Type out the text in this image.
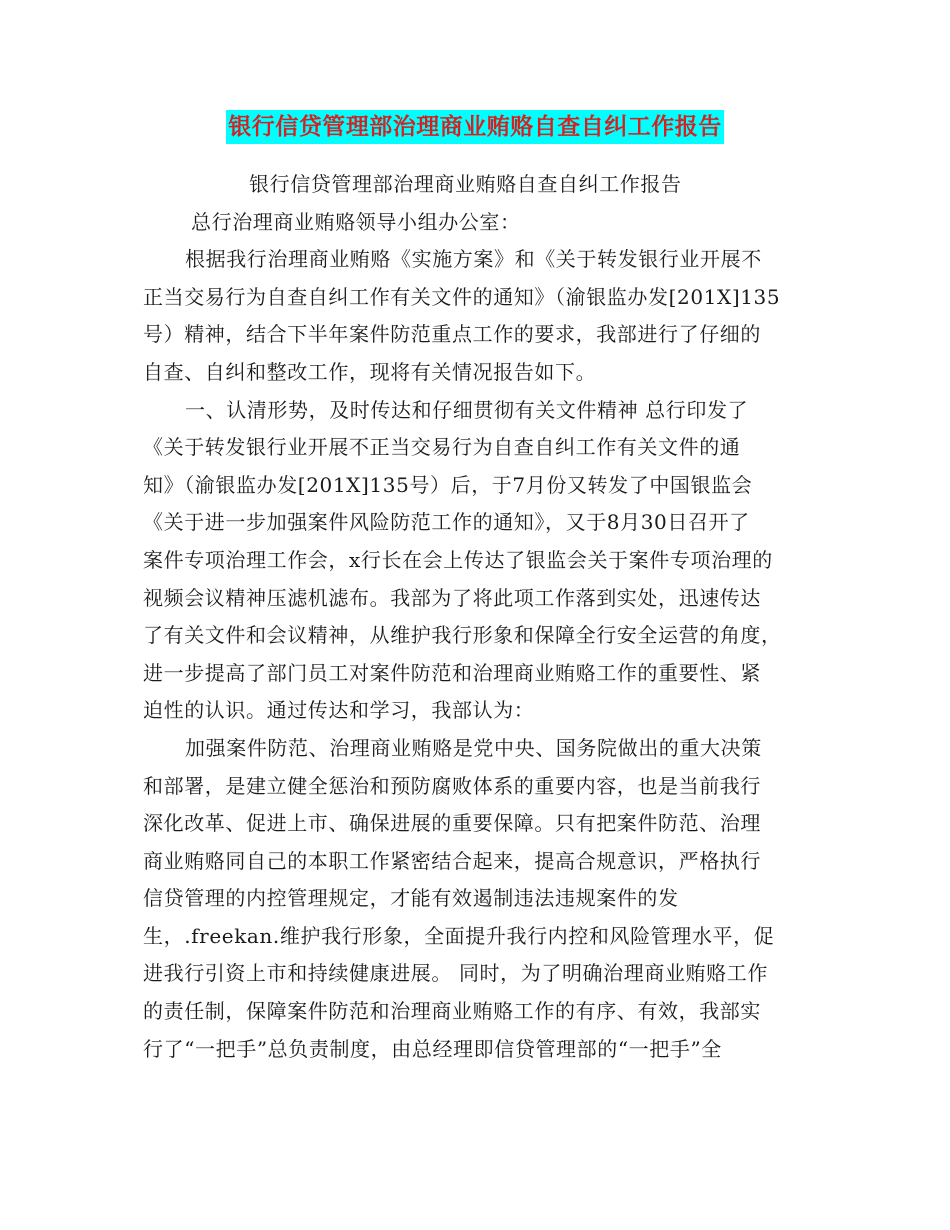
银行信贷管理部治理商业贿赂自查自纠工作报告
银行信贷管理部治理商业贿赂自查自纠工作报告
总行治理商业贿赂领导小组办公室：
根据我行治理商业贿赂《实施方案》和《关于转发银行业开展不
正当交易行为自查自纠工作有关文件的通知》（渝银监办发[201X]135
号）精神，结合下半年案件防范重点工作的要求，我部进行了仔细的
自查、自纠和整改工作，现将有关情况报告如下。
一、认清形势，及时传达和仔细贯彻有关文件精神 总行印发了
《关于转发银行业开展不正当交易行为自查自纠工作有关文件的通
知》（渝银监办发[201X]135号）后，于7月份又转发了中国银监会
《关于进一步加强案件风险防范工作的通知》，又于8月30日召开了
案件专项治理工作会，x行长在会上传达了银监会关于案件专项治理的
视频会议精神压滤机滤布。我部为了将此项工作落到实处，迅速传达
了有关文件和会议精神，从维护我行形象和保障全行安全运营的角度，
进一步提高了部门员工对案件防范和治理商业贿赂工作的重要性、紧
迫性的认识。通过传达和学习，我部认为：
加强案件防范、治理商业贿赂是党中央、国务院做出的重大决策
和部署，是建立健全惩治和预防腐败体系的重要内容，也是当前我行
深化改革、促进上市、确保进展的重要保障。只有把案件防范、治理
商业贿赂同自己的本职工作紧密结合起来，提高合规意识，严格执行
信贷管理的内控管理规定，才能有效遏制违法违规案件的发
生，.freekan.维护我行形象，全面提升我行内控和风险管理水平，促
进我行引资上市和持续健康进展。 同时，为了明确治理商业贿赂工作
的责任制，保障案件防范和治理商业贿赂工作的有序、有效，我部实
行了“一把手”总负责制度，由总经理即信贷管理部的“一把手”全
